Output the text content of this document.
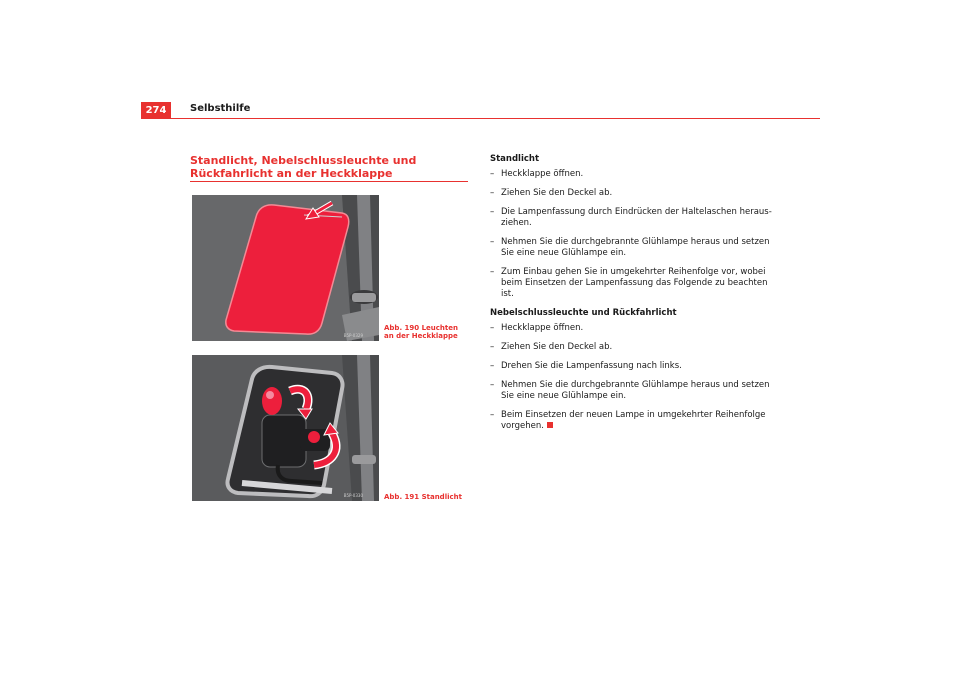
274	Selbsthilfe
Standlicht, Nebelschlussleuchte und Rückfahrlicht an der Heckklappe
B5P-0329
Abb. 190 Leuchten an der Heckklappe
B5P-0330	Abb. 191 Standlicht
Standlicht
– Heckklappe öffnen.
– Ziehen Sie den Deckel ab.
– Die Lampenfassung durch Eindrücken der Haltelaschen heraus- ziehen.
– Nehmen Sie die durchgebrannte Glühlampe heraus und setzen Sie eine neue Glühlampe ein.
– Zum Einbau gehen Sie in umgekehrter Reihenfolge vor, wobei beim Einsetzen der Lampenfassung das Folgende zu beachten ist.
Nebelschlussleuchte und Rückfahrlicht
– Heckklappe öffnen.
– Ziehen Sie den Deckel ab.
– Drehen Sie die Lampenfassung nach links.
– Nehmen Sie die durchgebrannte Glühlampe heraus und setzen Sie eine neue Glühlampe ein.
– Beim Einsetzen der neuen Lampe in umgekehrter Reihenfolge vorgehen.
